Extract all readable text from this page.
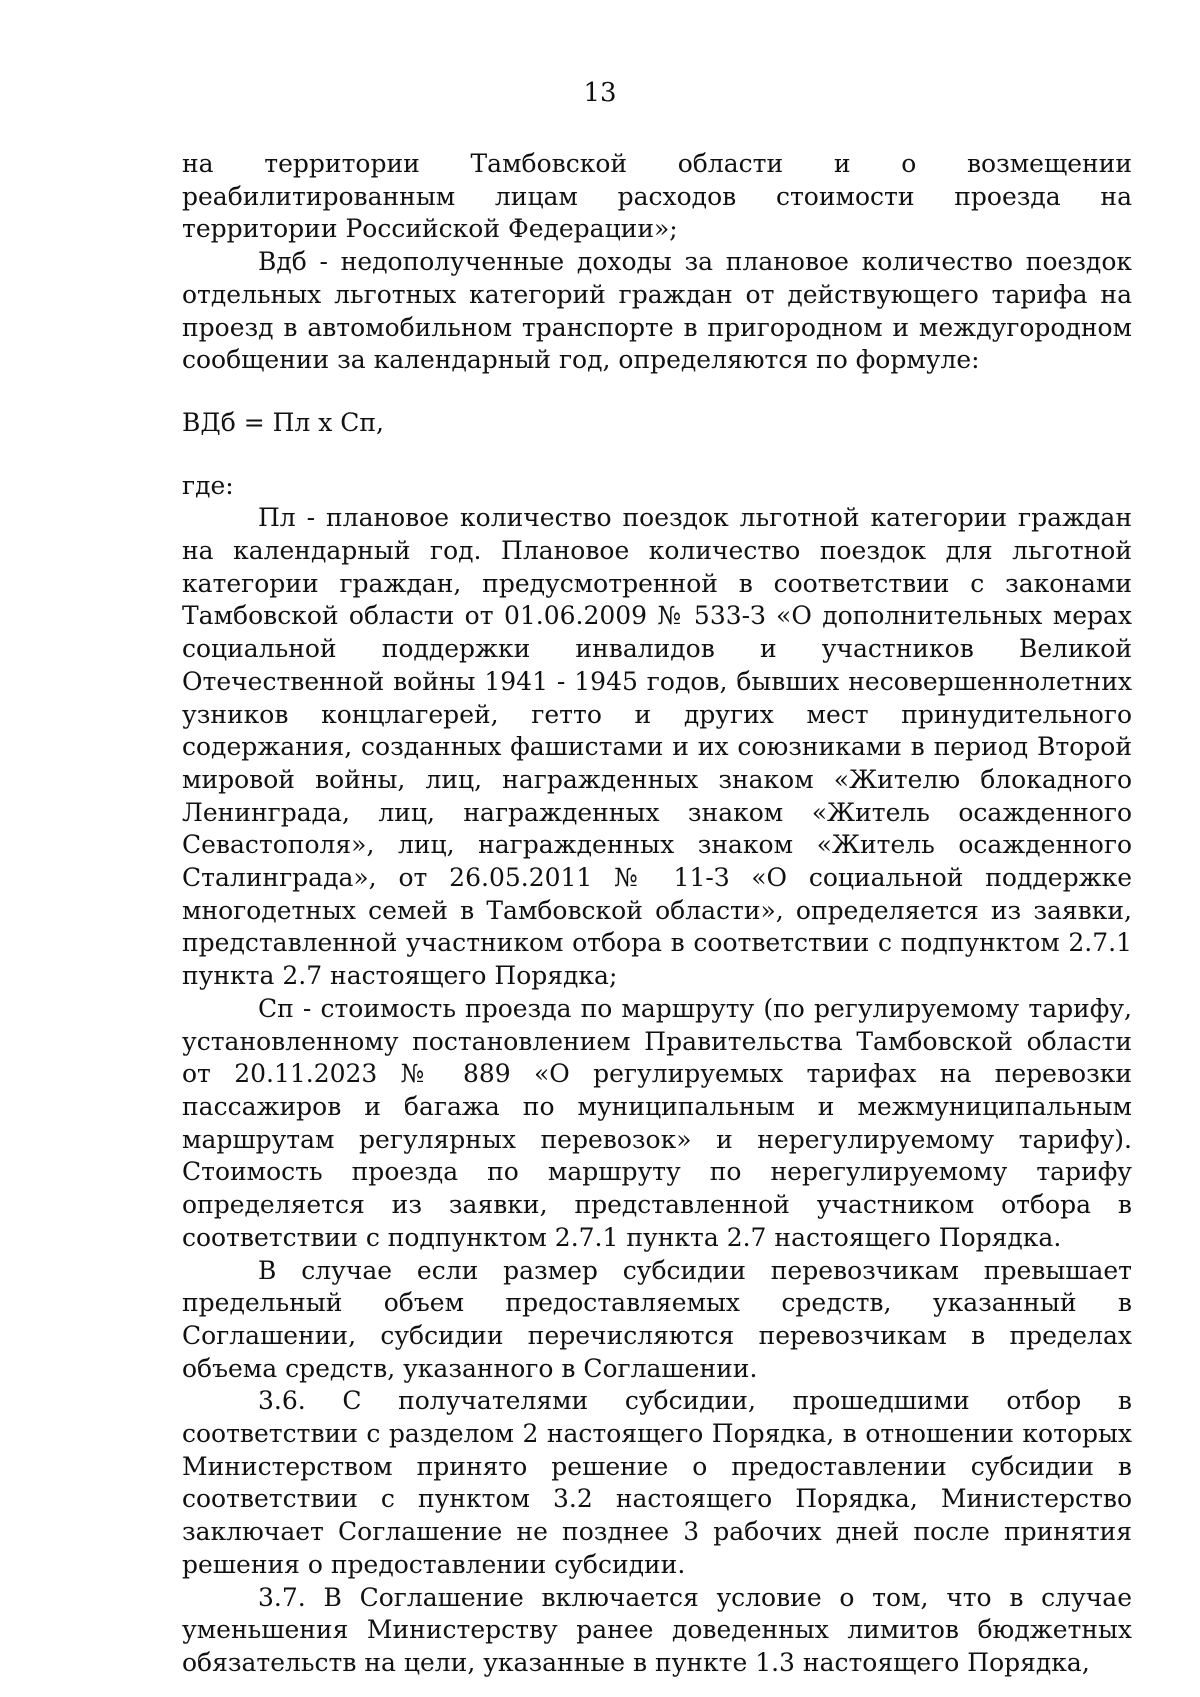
13

на территории Тамбовской области и о возмещении реабилитированным лицам расходов стоимости проезда на территории Российской Федерации»;

Вдб - недополученные доходы за плановое количество поездок отдельных льготных категорий граждан от действующего тарифа на проезд в автомобильном транспорте в пригородном и междугородном сообщении за календарный год, определяются по формуле:

ВДб = Пл х Сп,

где:

Пл - плановое количество поездок льготной категории граждан на календарный год. Плановое количество поездок для льготной категории граждан, предусмотренной в соответствии с законами Тамбовской области от 01.06.2009 № 533-З «О дополнительных мерах социальной поддержки инвалидов и участников Великой Отечественной войны 1941 - 1945 годов, бывших несовершеннолетних узников концлагерей, гетто и других мест принудительного содержания, созданных фашистами и их союзниками в период Второй мировой войны, лиц, награжденных знаком «Жителю блокадного Ленинграда, лиц, награжденных знаком «Житель осажденного Севастополя», лиц, награжденных знаком «Житель осажденного Сталинграда», от 26.05.2011 № 11-З «О социальной поддержке многодетных семей в Тамбовской области», определяется из заявки, представленной участником отбора в соответствии с подпунктом 2.7.1 пункта 2.7 настоящего Порядка;

Сп - стоимость проезда по маршруту (по регулируемому тарифу, установленному постановлением Правительства Тамбовской области от 20.11.2023 № 889 «О регулируемых тарифах на перевозки пассажиров и багажа по муниципальным и межмуниципальным маршрутам регулярных перевозок» и нерегулируемому тарифу). Стоимость проезда по маршруту по нерегулируемому тарифу определяется из заявки, представленной участником отбора в соответствии с подпунктом 2.7.1 пункта 2.7 настоящего Порядка.

В случае если размер субсидии перевозчикам превышает предельный объем предоставляемых средств, указанный в Соглашении, субсидии перечисляются перевозчикам в пределах объема средств, указанного в Соглашении.

3.6. С получателями субсидии, прошедшими отбор в соответствии с разделом 2 настоящего Порядка, в отношении которых Министерством принято решение о предоставлении субсидии в соответствии с пунктом 3.2 настоящего Порядка, Министерство заключает Соглашение не позднее 3 рабочих дней после принятия решения о предоставлении субсидии.

3.7. В Соглашение включается условие о том, что в случае уменьшения Министерству ранее доведенных лимитов бюджетных обязательств на цели, указанные в пункте 1.3 настоящего Порядка,
